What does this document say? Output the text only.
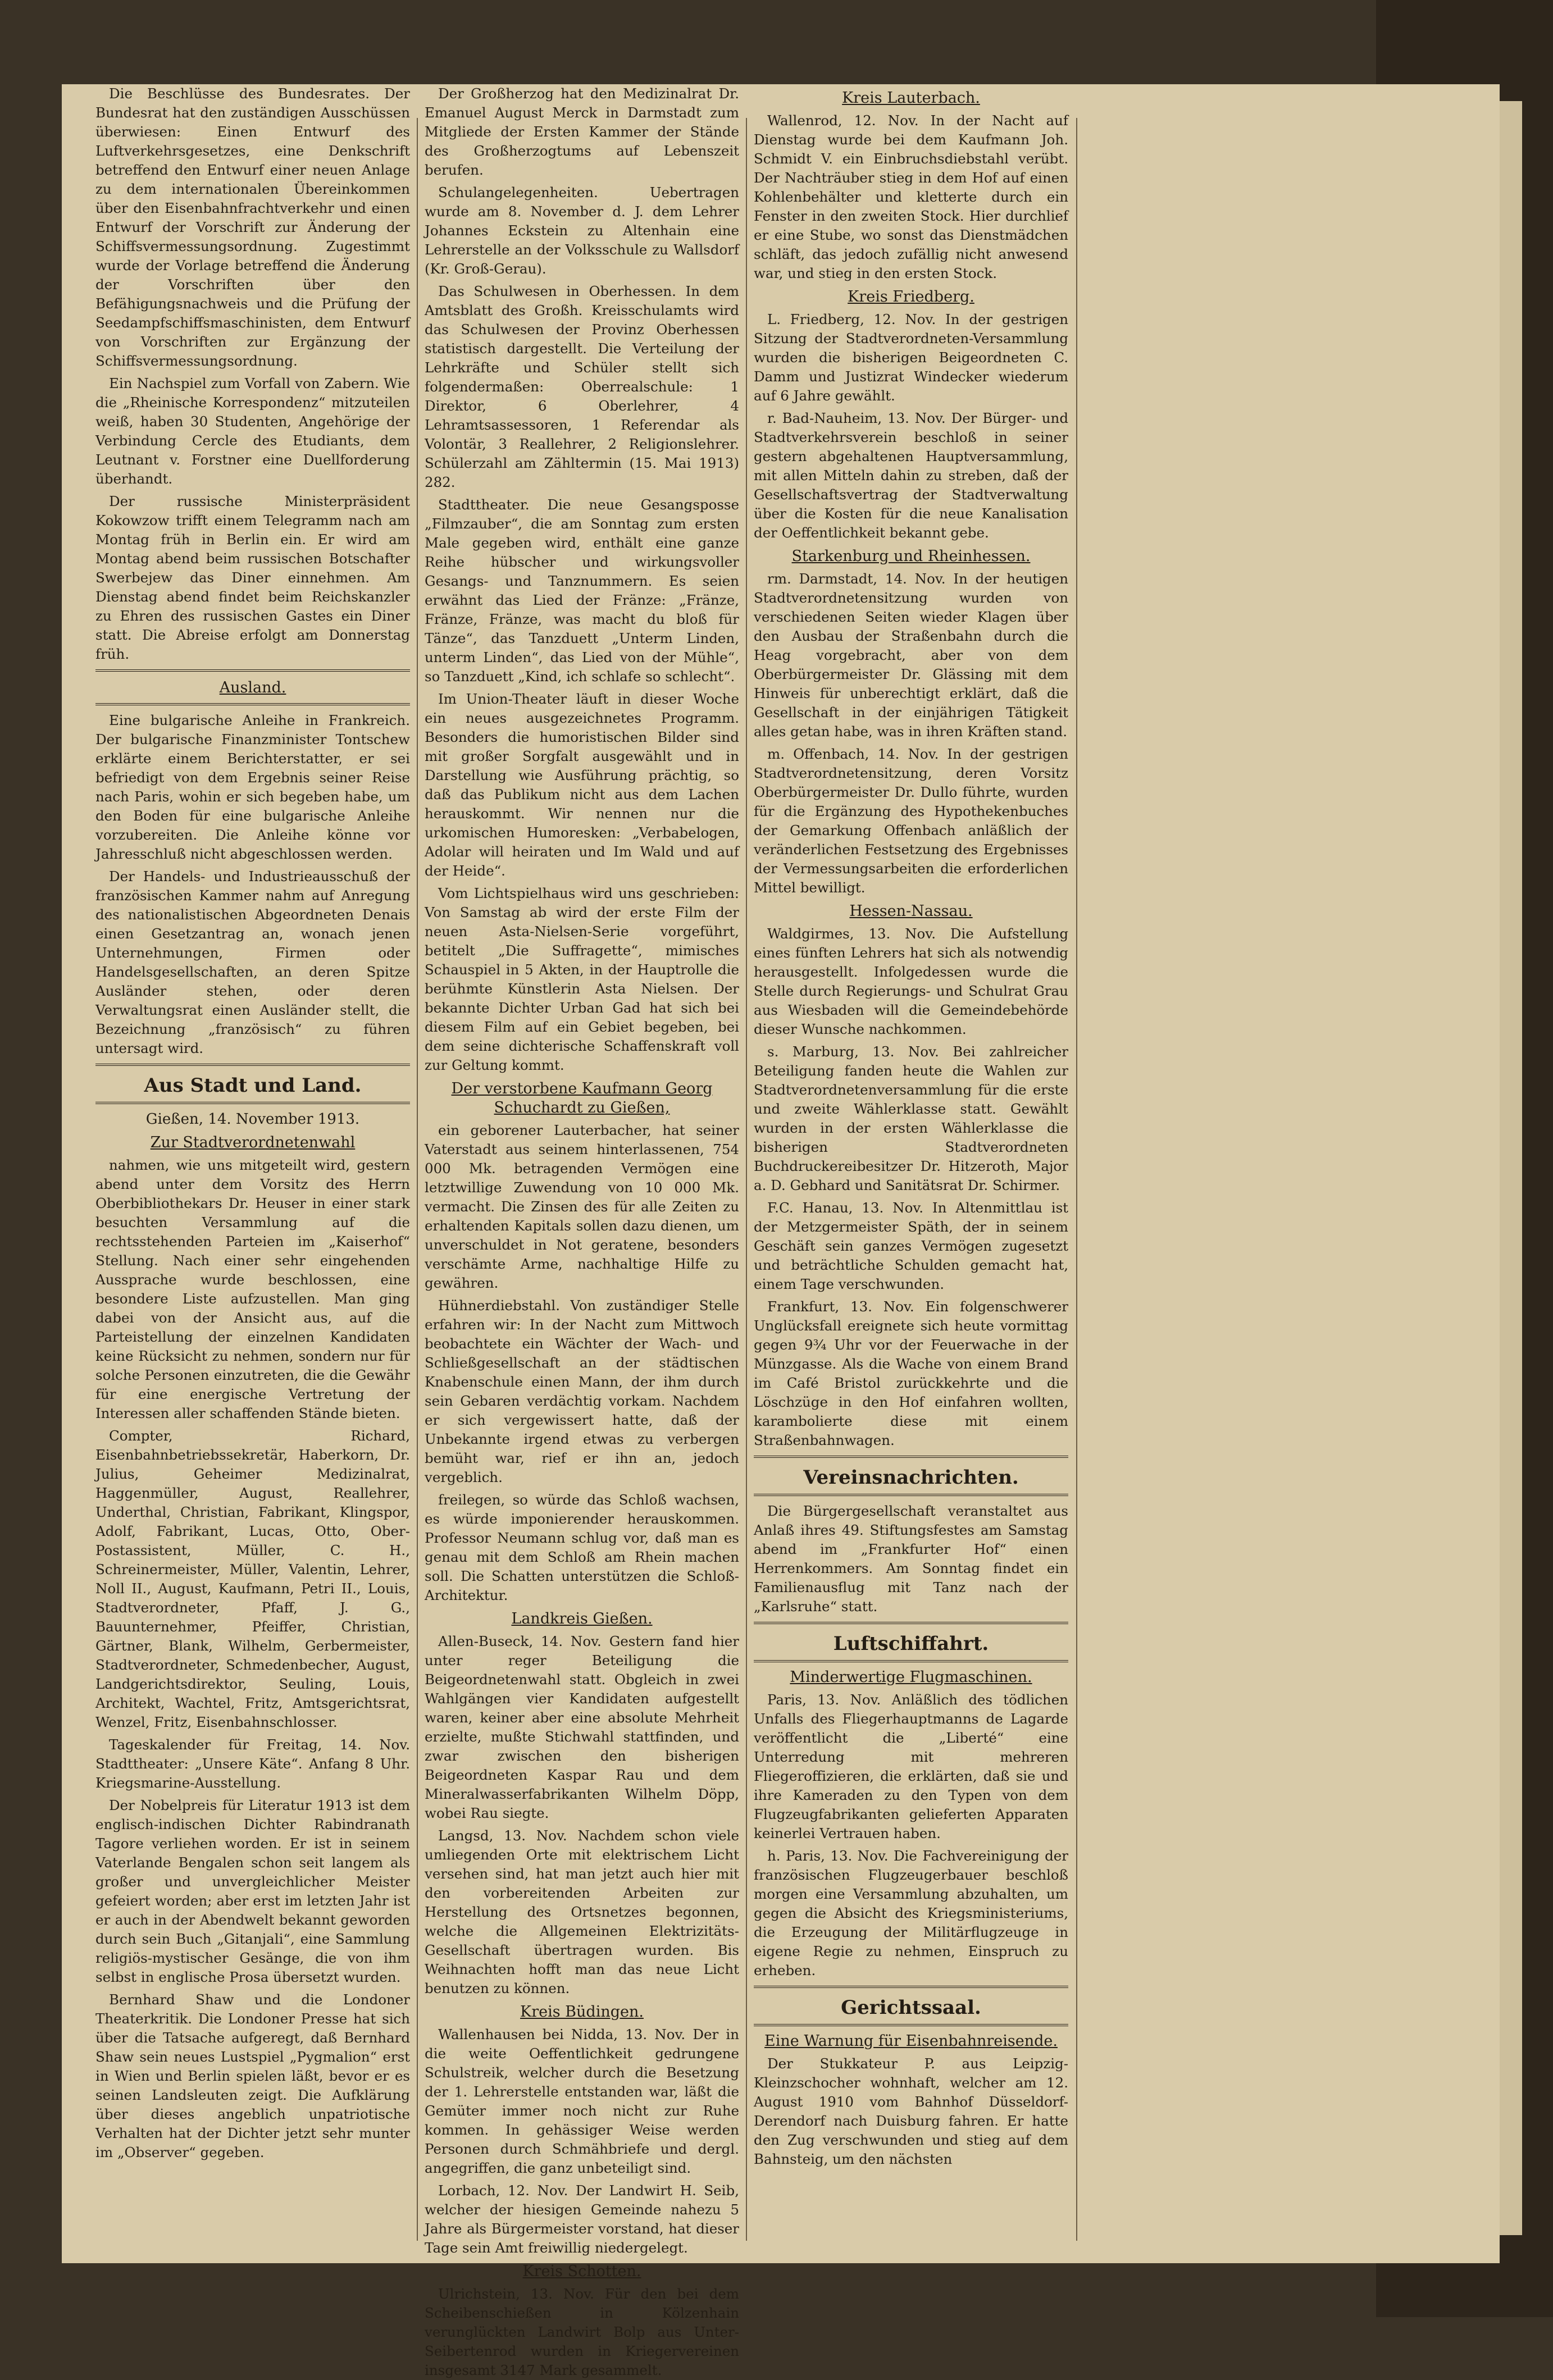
Die Beschlüsse des Bundesrates. Der Bundesrat hat den zuständigen Ausschüssen überwiesen: Einen Entwurf des Luftverkehrsgesetzes, eine Denkschrift betreffend den Entwurf einer neuen Anlage zu dem internationalen Übereinkommen über den Eisenbahnfrachtverkehr und einen Entwurf der Vorschrift zur Änderung der Schiffsvermessungsordnung. Zugestimmt wurde der Vorlage betreffend die Änderung der Vorschriften über den Befähigungsnachweis und die Prüfung der Seedampfschiffsmaschinisten, dem Entwurf von Vorschriften zur Ergänzung der Schiffsvermessungsordnung.

Ein Nachspiel zum Vorfall von Zabern. Wie die „Rheinische Korrespondenz“ mitzuteilen weiß, haben 30 Studenten, Angehörige der Verbindung Cercle des Etudiants, dem Leutnant v. Forstner eine Duellforderung überhandt.

Der russische Ministerpräsident Kokowzow trifft einem Telegramm nach am Montag früh in Berlin ein. Er wird am Montag abend beim russischen Botschafter Swerbejew das Diner einnehmen. Am Dienstag abend findet beim Reichskanzler zu Ehren des russischen Gastes ein Diner statt. Die Abreise erfolgt am Donnerstag früh.

Ausland.

Eine bulgarische Anleihe in Frankreich. Der bulgarische Finanzminister Tontschew erklärte einem Berichterstatter, er sei befriedigt von dem Ergebnis seiner Reise nach Paris, wohin er sich begeben habe, um den Boden für eine bulgarische Anleihe vorzubereiten. Die Anleihe könne vor Jahresschluß nicht abgeschlossen werden.

Der Handels- und Industrieausschuß der französischen Kammer nahm auf Anregung des nationalistischen Abgeordneten Denais einen Gesetzantrag an, wonach jenen Unternehmungen, Firmen oder Handelsgesellschaften, an deren Spitze Ausländer stehen, oder deren Verwaltungsrat einen Ausländer stellt, die Bezeichnung „französisch“ zu führen untersagt wird.

Aus Stadt und Land.
Gießen, 14. November 1913.
Zur Stadtverordnetenwahl

nahmen, wie uns mitgeteilt wird, gestern abend unter dem Vorsitz des Herrn Oberbibliothekars Dr. Heuser in einer stark besuchten Versammlung auf die rechtsstehenden Parteien im „Kaiserhof“ Stellung. Nach einer sehr eingehenden Aussprache wurde beschlossen, eine besondere Liste aufzustellen. Man ging dabei von der Ansicht aus, auf die Parteistellung der einzelnen Kandidaten keine Rücksicht zu nehmen, sondern nur für solche Personen einzutreten, die die Gewähr für eine energische Vertretung der Interessen aller schaffenden Stände bieten.

Compter, Richard, Eisenbahnbetriebssekretär, Haberkorn, Dr. Julius, Geheimer Medizinalrat, Haggenmüller, August, Reallehrer, Underthal, Christian, Fabrikant, Klingspor, Adolf, Fabrikant, Lucas, Otto, Ober-Postassistent, Müller, C. H., Schreinermeister, Müller, Valentin, Lehrer, Noll II., August, Kaufmann, Petri II., Louis, Stadtverordneter, Pfaff, J. G., Bauunternehmer, Pfeiffer, Christian, Gärtner, Blank, Wilhelm, Gerbermeister, Stadtverordneter, Schmedenbecher, August, Landgerichtsdirektor, Seuling, Louis, Architekt, Wachtel, Fritz, Amtsgerichtsrat, Wenzel, Fritz, Eisenbahnschlosser.

Tageskalender für Freitag, 14. Nov. Stadttheater: „Unsere Käte“. Anfang 8 Uhr. Kriegsmarine-Ausstellung.

Der Nobelpreis für Literatur 1913 ist dem englisch-indischen Dichter Rabindranath Tagore verliehen worden. Er ist in seinem Vaterlande Bengalen schon seit langem als großer und unvergleichlicher Meister gefeiert worden; aber erst im letzten Jahr ist er auch in der Abendwelt bekannt geworden durch sein Buch „Gitanjali“, eine Sammlung religiös-mystischer Gesänge, die von ihm selbst in englische Prosa übersetzt wurden.

Bernhard Shaw und die Londoner Theaterkritik. Die Londoner Presse hat sich über die Tatsache aufgeregt, daß Bernhard Shaw sein neues Lustspiel „Pygmalion“ erst in Wien und Berlin spielen läßt, bevor er es seinen Landsleuten zeigt. Die Aufklärung über dieses angeblich unpatriotische Verhalten hat der Dichter jetzt sehr munter im „Observer“ gegeben.

Der Großherzog hat den Medizinalrat Dr. Emanuel August Merck in Darmstadt zum Mitgliede der Ersten Kammer der Stände des Großherzogtums auf Lebenszeit berufen.

Schulangelegenheiten. Uebertragen wurde am 8. November d. J. dem Lehrer Johannes Eckstein zu Altenhain eine Lehrerstelle an der Volksschule zu Wallsdorf (Kr. Groß-Gerau).

Das Schulwesen in Oberhessen. In dem Amtsblatt des Großh. Kreisschulamts wird das Schulwesen der Provinz Oberhessen statistisch dargestellt. Die Verteilung der Lehrkräfte und Schüler stellt sich folgendermaßen: Oberrealschule: 1 Direktor, 6 Oberlehrer, 4 Lehramtsassessoren, 1 Referendar als Volontär, 3 Reallehrer, 2 Religionslehrer. Schülerzahl am Zähltermin (15. Mai 1913) 282.

Stadttheater. Die neue Gesangsposse „Filmzauber“, die am Sonntag zum ersten Male gegeben wird, enthält eine ganze Reihe hübscher und wirkungsvoller Gesangs- und Tanznummern. Es seien erwähnt das Lied der Fränze: „Fränze, Fränze, Fränze, was macht du bloß für Tänze“, das Tanzduett „Unterm Linden, unterm Linden“, das Lied von der Mühle“, so Tanzduett „Kind, ich schlafe so schlecht“.

Im Union-Theater läuft in dieser Woche ein neues ausgezeichnetes Programm. Besonders die humoristischen Bilder sind mit großer Sorgfalt ausgewählt und in Darstellung wie Ausführung prächtig, so daß das Publikum nicht aus dem Lachen herauskommt. Wir nennen nur die urkomischen Humoresken: „Verbabelogen, Adolar will heiraten und Im Wald und auf der Heide“.

Vom Lichtspielhaus wird uns geschrieben: Von Samstag ab wird der erste Film der neuen Asta-Nielsen-Serie vorgeführt, betitelt „Die Suffragette“, mimisches Schauspiel in 5 Akten, in der Hauptrolle die berühmte Künstlerin Asta Nielsen. Der bekannte Dichter Urban Gad hat sich bei diesem Film auf ein Gebiet begeben, bei dem seine dichterische Schaffenskraft voll zur Geltung kommt.

Der verstorbene Kaufmann Georg Schuchardt zu Gießen,

ein geborener Lauterbacher, hat seiner Vaterstadt aus seinem hinterlassenen, 754 000 Mk. betragenden Vermögen eine letztwillige Zuwendung von 10 000 Mk. vermacht. Die Zinsen des für alle Zeiten zu erhaltenden Kapitals sollen dazu dienen, um unverschuldet in Not geratene, besonders verschämte Arme, nachhaltige Hilfe zu gewähren.

Hühnerdiebstahl. Von zuständiger Stelle erfahren wir: In der Nacht zum Mittwoch beobachtete ein Wächter der Wach- und Schließgesellschaft an der städtischen Knabenschule einen Mann, der ihm durch sein Gebaren verdächtig vorkam. Nachdem er sich vergewissert hatte, daß der Unbekannte irgend etwas zu verbergen bemüht war, rief er ihn an, jedoch vergeblich.

freilegen, so würde das Schloß wachsen, es würde imponierender herauskommen. Professor Neumann schlug vor, daß man es genau mit dem Schloß am Rhein machen soll. Die Schatten unterstützen die Schloß-Architektur.

Landkreis Gießen.

Allen-Buseck, 14. Nov. Gestern fand hier unter reger Beteiligung die Beigeordnetenwahl statt. Obgleich in zwei Wahlgängen vier Kandidaten aufgestellt waren, keiner aber eine absolute Mehrheit erzielte, mußte Stichwahl stattfinden, und zwar zwischen den bisherigen Beigeordneten Kaspar Rau und dem Mineralwasserfabrikanten Wilhelm Döpp, wobei Rau siegte.

Langsd, 13. Nov. Nachdem schon viele umliegenden Orte mit elektrischem Licht versehen sind, hat man jetzt auch hier mit den vorbereitenden Arbeiten zur Herstellung des Ortsnetzes begonnen, welche die Allgemeinen Elektrizitäts-Gesellschaft übertragen wurden. Bis Weihnachten hofft man das neue Licht benutzen zu können.

Kreis Büdingen.

Wallenhausen bei Nidda, 13. Nov. Der in die weite Oeffentlichkeit gedrungene Schulstreik, welcher durch die Besetzung der 1. Lehrerstelle entstanden war, läßt die Gemüter immer noch nicht zur Ruhe kommen. In gehässiger Weise werden Personen durch Schmähbriefe und dergl. angegriffen, die ganz unbeteiligt sind.

Lorbach, 12. Nov. Der Landwirt H. Seib, welcher der hiesigen Gemeinde nahezu 5 Jahre als Bürgermeister vorstand, hat dieser Tage sein Amt freiwillig niedergelegt.

Kreis Schotten.

Ulrichstein, 13. Nov. Für den bei dem Scheibenschießen in Kölzenhain verunglückten Landwirt Bolp aus Unter-Seibertenrod wurden in Kriegervereinen insgesamt 3147 Mark gesammelt.

Kreis Lauterbach.

Wallenrod, 12. Nov. In der Nacht auf Dienstag wurde bei dem Kaufmann Joh. Schmidt V. ein Einbruchsdiebstahl verübt. Der Nachträuber stieg in dem Hof auf einen Kohlenbehälter und kletterte durch ein Fenster in den zweiten Stock. Hier durchlief er eine Stube, wo sonst das Dienstmädchen schläft, das jedoch zufällig nicht anwesend war, und stieg in den ersten Stock.

Kreis Friedberg.

L. Friedberg, 12. Nov. In der gestrigen Sitzung der Stadtverordneten-Versammlung wurden die bisherigen Beigeordneten C. Damm und Justizrat Windecker wiederum auf 6 Jahre gewählt.

r. Bad-Nauheim, 13. Nov. Der Bürger- und Stadtverkehrsverein beschloß in seiner gestern abgehaltenen Hauptversammlung, mit allen Mitteln dahin zu streben, daß der Gesellschaftsvertrag der Stadtverwaltung über die Kosten für die neue Kanalisation der Oeffentlichkeit bekannt gebe.

Starkenburg und Rheinhessen.

rm. Darmstadt, 14. Nov. In der heutigen Stadtverordnetensitzung wurden von verschiedenen Seiten wieder Klagen über den Ausbau der Straßenbahn durch die Heag vorgebracht, aber von dem Oberbürgermeister Dr. Glässing mit dem Hinweis für unberechtigt erklärt, daß die Gesellschaft in der einjährigen Tätigkeit alles getan habe, was in ihren Kräften stand.

m. Offenbach, 14. Nov. In der gestrigen Stadtverordnetensitzung, deren Vorsitz Oberbürgermeister Dr. Dullo führte, wurden für die Ergänzung des Hypothekenbuches der Gemarkung Offenbach anläßlich der veränderlichen Festsetzung des Ergebnisses der Vermessungsarbeiten die erforderlichen Mittel bewilligt.

Hessen-Nassau.

Waldgirmes, 13. Nov. Die Aufstellung eines fünften Lehrers hat sich als notwendig herausgestellt. Infolgedessen wurde die Stelle durch Regierungs- und Schulrat Grau aus Wiesbaden will die Gemeindebehörde dieser Wunsche nachkommen.

s. Marburg, 13. Nov. Bei zahlreicher Beteiligung fanden heute die Wahlen zur Stadtverordnetenversammlung für die erste und zweite Wählerklasse statt. Gewählt wurden in der ersten Wählerklasse die bisherigen Stadtverordneten Buchdruckereibesitzer Dr. Hitzeroth, Major a. D. Gebhard und Sanitätsrat Dr. Schirmer.

F.C. Hanau, 13. Nov. In Altenmittlau ist der Metzgermeister Späth, der in seinem Geschäft sein ganzes Vermögen zugesetzt und beträchtliche Schulden gemacht hat, einem Tage verschwunden.

Frankfurt, 13. Nov. Ein folgenschwerer Unglücksfall ereignete sich heute vormittag gegen 9¾ Uhr vor der Feuerwache in der Münzgasse. Als die Wache von einem Brand im Café Bristol zurückkehrte und die Löschzüge in den Hof einfahren wollten, karambolierte diese mit einem Straßenbahnwagen.

Vereinsnachrichten.

Die Bürgergesellschaft veranstaltet aus Anlaß ihres 49. Stiftungsfestes am Samstag abend im „Frankfurter Hof“ einen Herrenkommers. Am Sonntag findet ein Familienausflug mit Tanz nach der „Karlsruhe“ statt.

Luftschiffahrt.
Minderwertige Flugmaschinen.

Paris, 13. Nov. Anläßlich des tödlichen Unfalls des Fliegerhauptmanns de Lagarde veröffentlicht die „Liberté“ eine Unterredung mit mehreren Fliegeroffizieren, die erklärten, daß sie und ihre Kameraden zu den Typen von dem Flugzeugfabrikanten gelieferten Apparaten keinerlei Vertrauen haben.

h. Paris, 13. Nov. Die Fachvereinigung der französischen Flugzeugerbauer beschloß morgen eine Versammlung abzuhalten, um gegen die Absicht des Kriegsministeriums, die Erzeugung der Militärflugzeuge in eigene Regie zu nehmen, Einspruch zu erheben.

Gerichtssaal.
Eine Warnung für Eisenbahnreisende.

Der Stukkateur P. aus Leipzig-Kleinzschocher wohnhaft, welcher am 12. August 1910 vom Bahnhof Düsseldorf-Derendorf nach Duisburg fahren. Er hatte den Zug verschwunden und stieg auf dem Bahnsteig, um den nächsten
